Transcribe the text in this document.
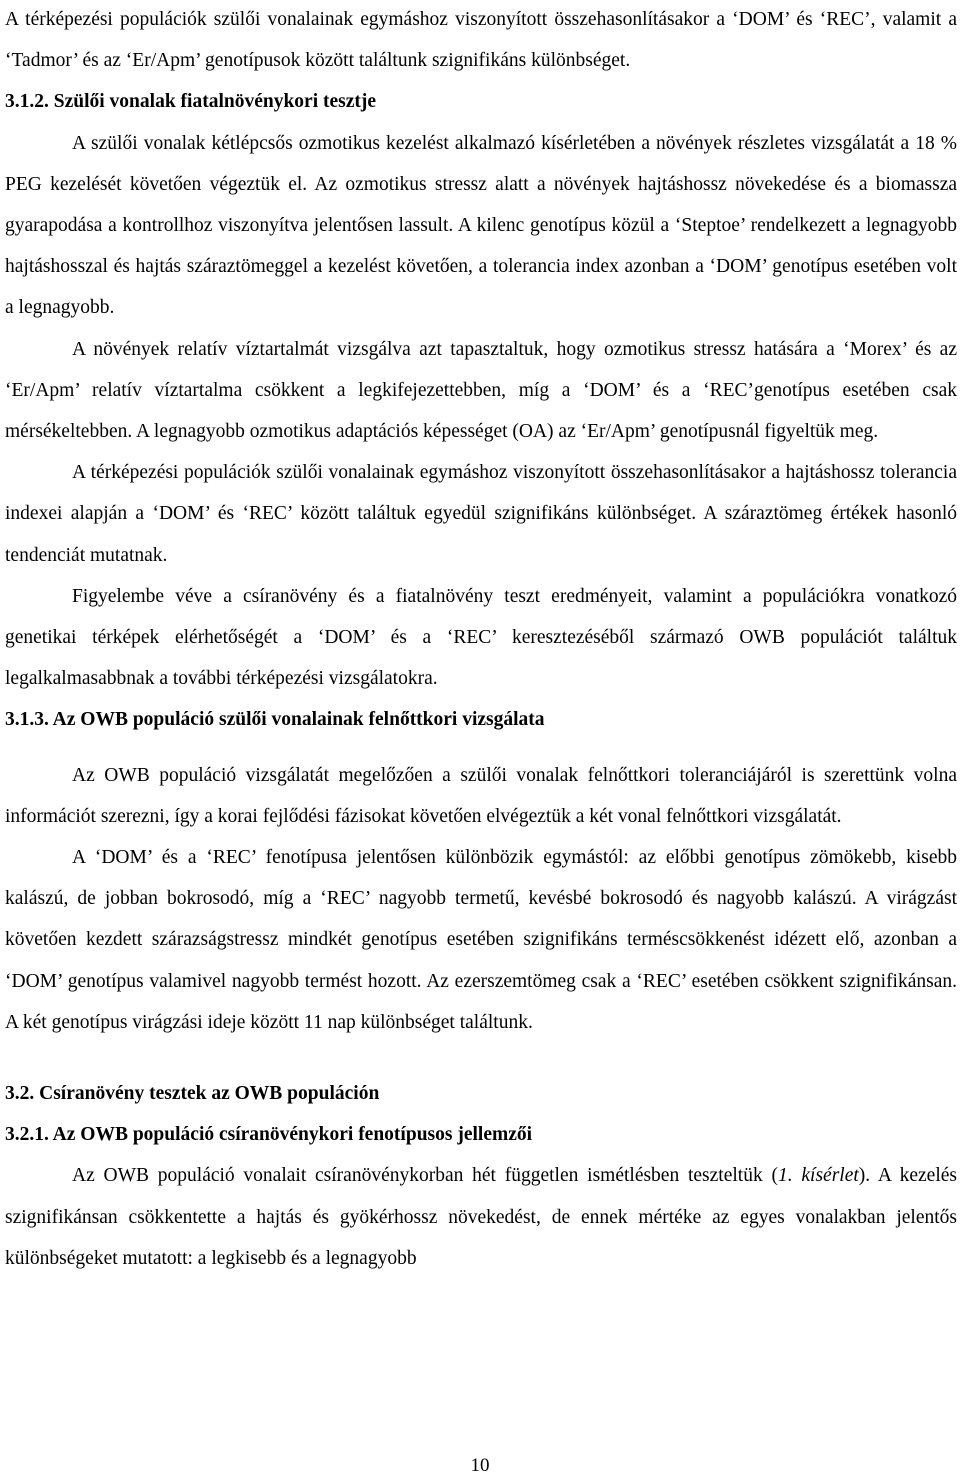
A térképezési populációk szülői vonalainak egymáshoz viszonyított összehasonlításakor a ‘DOM’ és ‘REC’, valamit a ‘Tadmor’ és az ‘Er/Apm’ genotípusok között találtunk szignifikáns különbséget.

3.1.2. Szülői vonalak fiatalnövénykori tesztje

A szülői vonalak kétlépcsős ozmotikus kezelést alkalmazó kísérletében a növények részletes vizsgálatát a 18 % PEG kezelését követően végeztük el. Az ozmotikus stressz alatt a növények hajtáshossz növekedése és a biomassza gyarapodása a kontrollhoz viszonyítva jelentősen lassult. A kilenc genotípus közül a ‘Steptoe’ rendelkezett a legnagyobb hajtáshosszal és hajtás száraztömeggel a kezelést követően, a tolerancia index azonban a ‘DOM’ genotípus esetében volt a legnagyobb.

A növények relatív víztartalmát vizsgálva azt tapasztaltuk, hogy ozmotikus stressz hatására a ‘Morex’ és az ‘Er/Apm’ relatív víztartalma csökkent a legkifejezettebben, míg a ‘DOM’ és a ‘REC’genotípus esetében csak mérsékeltebben. A legnagyobb ozmotikus adaptációs képességet (OA) az ‘Er/Apm’ genotípusnál figyeltük meg.

A térképezési populációk szülői vonalainak egymáshoz viszonyított összehasonlításakor a hajtáshossz tolerancia indexei alapján a ‘DOM’ és ‘REC’ között találtuk egyedül szignifikáns különbséget. A száraztömeg értékek hasonló tendenciát mutatnak.

Figyelembe véve a csíranövény és a fiatalnövény teszt eredményeit, valamint a populációkra vonatkozó genetikai térképek elérhetőségét a ‘DOM’ és a ‘REC’ keresztezéséből származó OWB populációt találtuk legalkalmasabbnak a további térképezési vizsgálatokra.

3.1.3. Az OWB populáció szülői vonalainak felnőttkori vizsgálata

Az OWB populáció vizsgálatát megelőzően a szülői vonalak felnőttkori toleranciájáról is szerettünk volna információt szerezni, így a korai fejlődési fázisokat követően elvégeztük a két vonal felnőttkori vizsgálatát.

A ‘DOM’ és a ‘REC’ fenotípusa jelentősen különbözik egymástól: az előbbi genotípus zömökebb, kisebb kalászú, de jobban bokrosodó, míg a ‘REC’ nagyobb termetű, kevésbé bokrosodó és nagyobb kalászú. A virágzást követően kezdett szárazságstressz mindkét genotípus esetében szignifikáns terméscsökkenést idézett elő, azonban a ‘DOM’ genotípus valamivel nagyobb termést hozott. Az ezerszemtömeg csak a ‘REC’ esetében csökkent szignifikánsan. A két genotípus virágzási ideje között 11 nap különbséget találtunk.

3.2. Csíranövény tesztek az OWB populáción

3.2.1. Az OWB populáció csíranövénykori fenotípusos jellemzői

Az OWB populáció vonalait csíranövénykorban hét független ismétlésben teszteltük (1. kísérlet). A kezelés szignifikánsan csökkentette a hajtás és gyökérhossz növekedést, de ennek mértéke az egyes vonalakban jelentős különbségeket mutatott: a legkisebb és a legnagyobb

10
